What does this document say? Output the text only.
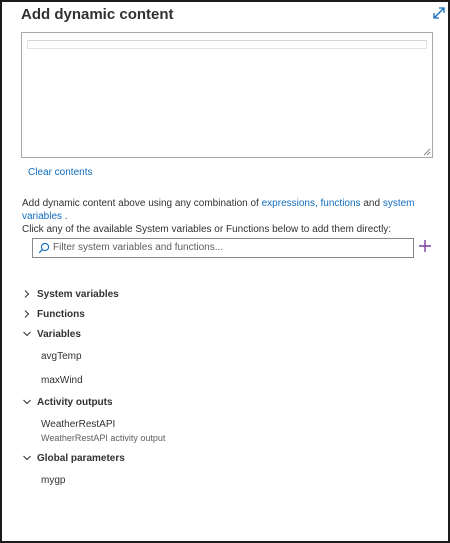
Add dynamic content
Clear contents
Add dynamic content above using any combination of expressions, functions and system variables .
Click any of the available System variables or Functions below to add them directly:
Filter system variables and functions...
System variables
Functions
Variables
avgTemp
maxWind
Activity outputs
WeatherRestAPI
WeatherRestAPI activity output
Global parameters
mygp
